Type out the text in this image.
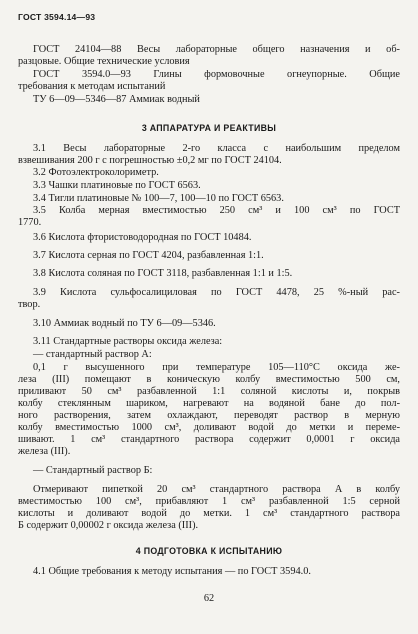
ГОСТ 3594.14—93
ГОСТ 24104—88 Весы лабораторные общего назначения и об-
разцовые. Общие технические условия
ГОСТ 3594.0—93 Глины формовочные огнеупорные. Общие
требования к методам испытаний
ТУ 6—09—5346—87 Аммиак водный
3 АППАРАТУРА И РЕАКТИВЫ
3.1 Весы лабораторные 2-го класса с наибольшим пределом
взвешивания 200 г с погрешностью ±0,2 мг по ГОСТ 24104.
3.2 Фотоэлектроколориметр.
3.3 Чашки платиновые по ГОСТ 6563.
3.4 Тигли платиновые № 100—7, 100—10 по ГОСТ 6563.
3.5 Колба мерная вместимостью 250 см³ и 100 см³ по ГОСТ
1770.
3.6 Кислота фтористоводородная по ГОСТ 10484.
3.7 Кислота серная по ГОСТ 4204, разбавленная 1:1.
3.8 Кислота соляная по ГОСТ 3118, разбавленная 1:1 и 1:5.
3.9 Кислота сульфосалициловая по ГОСТ 4478, 25 %-ный рас-
твор.
3.10 Аммиак водный по ТУ 6—09—5346.
3.11 Стандартные растворы оксида железа:
— стандартный раствор А:
0,1 г высушенного при температуре 105—110°С оксида же-
леза (III) помещают в коническую колбу вместимостью 500 см,
приливают 50 см³ разбавленной 1:1 соляной кислоты и, покрыв
колбу стеклянным шариком, нагревают на водяной бане до пол-
ного растворения, затем охлаждают, переводят раствор в мерную
колбу вместимостью 1000 см³, доливают водой до метки и переме-
шивают. 1 см³ стандартного раствора содержит 0,0001 г оксида
железа (III).
— Стандартный раствор Б:
Отмеривают пипеткой 20 см³ стандартного раствора А в колбу
вместимостью 100 см³, прибавляют 1 см³ разбавленной 1:5 серной
кислоты и доливают водой до метки. 1 см³ стандартного раствора
Б содержит 0,00002 г оксида железа (III).
4 ПОДГОТОВКА К ИСПЫТАНИЮ
4.1 Общие требования к методу испытания — по ГОСТ 3594.0.
62
